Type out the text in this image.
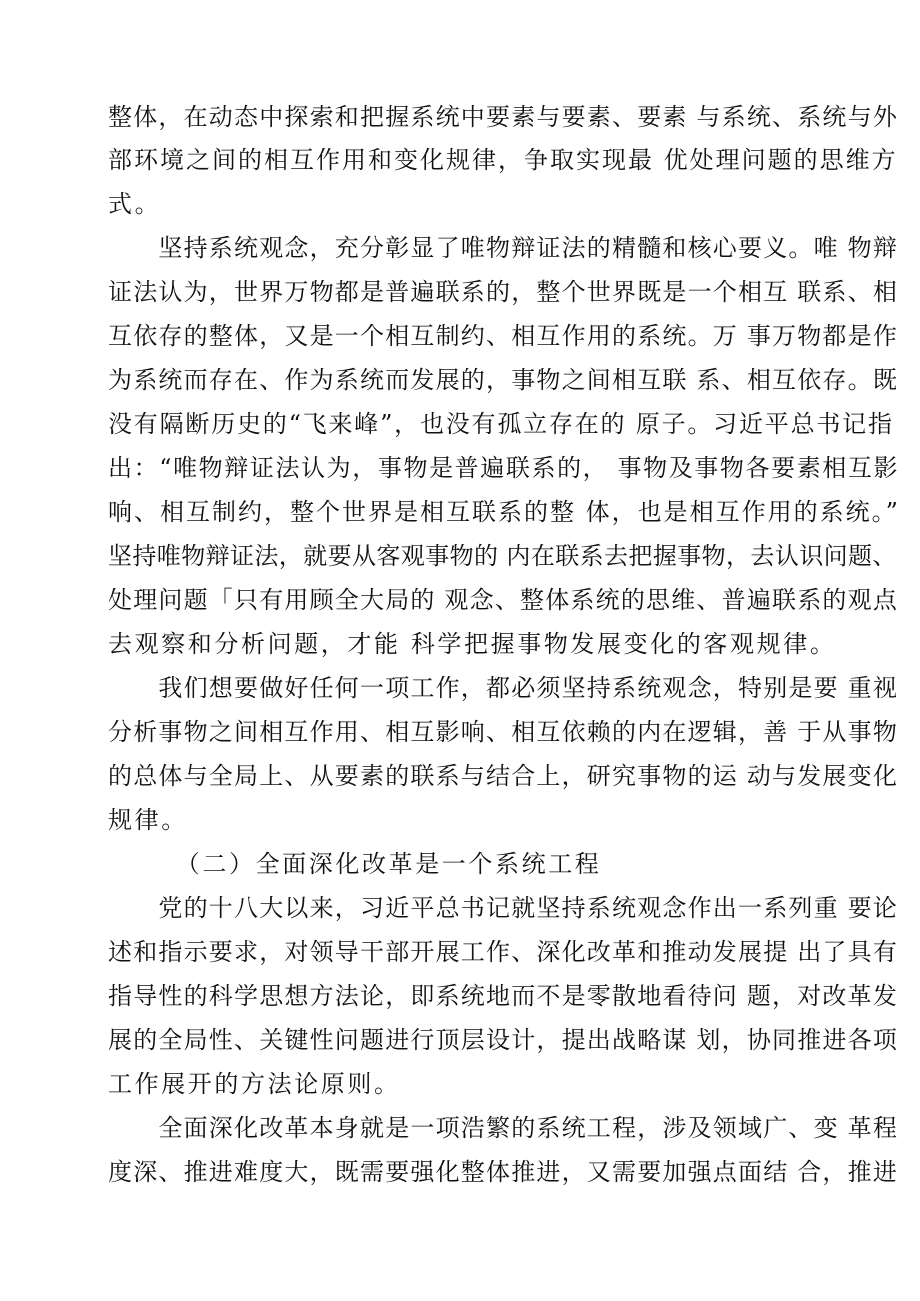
整体，在动态中探索和把握系统中要素与要素、要素 与系统、系统与外
部环境之间的相互作用和变化规律，争取实现最 优处理问题的思维方
式。
　　坚持系统观念，充分彰显了唯物辩证法的精髓和核心要义。唯 物辩
证法认为，世界万物都是普遍联系的，整个世界既是一个相互 联系、相
互依存的整体，又是一个相互制约、相互作用的系统。万 事万物都是作
为系统而存在、作为系统而发展的，事物之间相互联 系、相互依存。既
没有隔断历史的“飞来峰”，也没有孤立存在的 原子。习近平总书记指
出：“唯物辩证法认为，事物是普遍联系的， 事物及事物各要素相互影
响、相互制约，整个世界是相互联系的整 体，也是相互作用的系统。”
坚持唯物辩证法，就要从客观事物的 内在联系去把握事物，去认识问题、
处理问题「只有用顾全大局的 观念、整体系统的思维、普遍联系的观点
去观察和分析问题，才能 科学把握事物发展变化的客观规律。
　　我们想要做好任何一项工作，都必须坚持系统观念，特别是要 重视
分析事物之间相互作用、相互影响、相互依赖的内在逻辑，善 于从事物
的总体与全局上、从要素的联系与结合上，研究事物的运 动与发展变化
规律。
　　　（二）全面深化改革是一个系统工程
　　党的十八大以来，习近平总书记就坚持系统观念作出一系列重 要论
述和指示要求，对领导干部开展工作、深化改革和推动发展提 出了具有
指导性的科学思想方法论，即系统地而不是零散地看待问 题，对改革发
展的全局性、关键性问题进行顶层设计，提出战略谋 划，协同推进各项
工作展开的方法论原则。
　　全面深化改革本身就是一项浩繁的系统工程，涉及领域广、变 革程
度深、推进难度大，既需要强化整体推进，又需要加强点面结 合，推进
